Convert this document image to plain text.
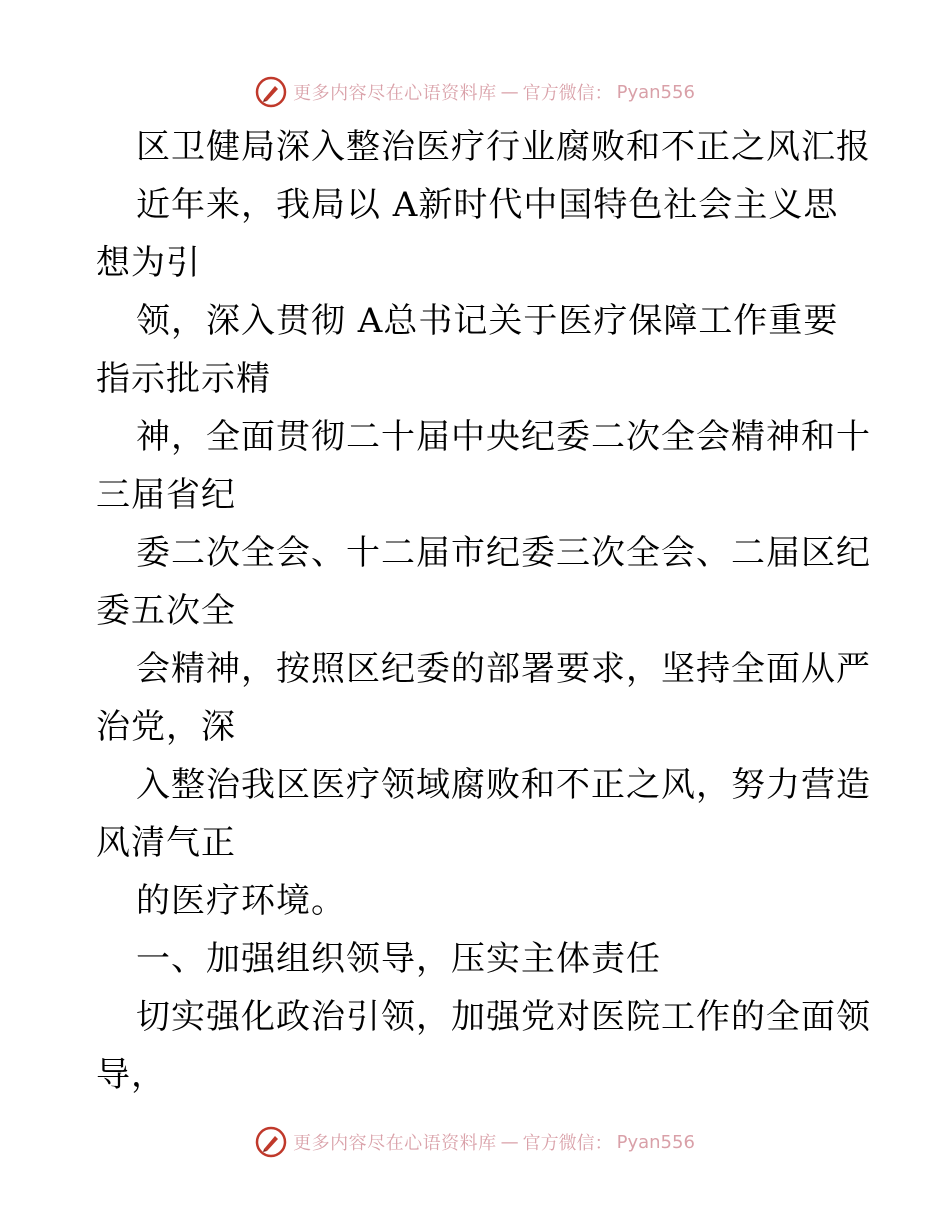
更多内容尽在心语资料库 — 官方微信： Pyan556
区卫健局深入整治医疗行业腐败和不正之风汇报
近年来，我局以 A新时代中国特色社会主义思
想为引
领，深入贯彻 A总书记关于医疗保障工作重要
指示批示精
神，全面贯彻二十届中央纪委二次全会精神和十
三届省纪
委二次全会、十二届市纪委三次全会、二届区纪
委五次全
会精神，按照区纪委的部署要求，坚持全面从严
治党，深
入整治我区医疗领域腐败和不正之风，努力营造
风清气正
的医疗环境。
一、加强组织领导，压实主体责任
切实强化政治引领，加强党对医院工作的全面领
导，
更多内容尽在心语资料库 — 官方微信： Pyan556
